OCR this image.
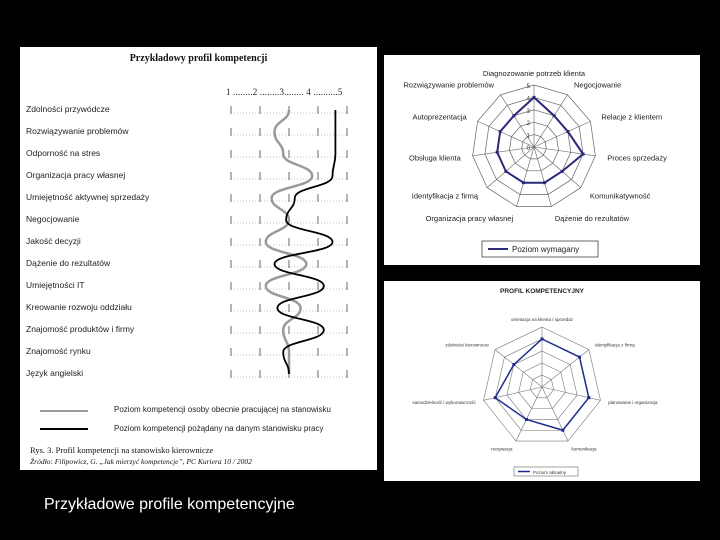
Przykładowy profil kompetencji
1 ........2 ........3........ 4 ..........5
Zdolności przywódcze
Rozwiązywanie problemów
Odporność na stres
Organizacja pracy własnej
Umiejętność aktywnej sprzedaży
Negocjowanie
Jakość decyzji
Dążenie do rezultatów
Umiejętności IT
Kreowanie rozwoju oddziału
Znajomość produktów i firmy
Znajomość rynku
Język angielski
Poziom kompetencji osoby obecnie pracującej na stanowisku
Poziom kompetencji pożądany na danym stanowisku pracy
Rys. 3. Profil kompetencji na stanowisko kierownicze
Źródło: Filipowicz, G. „Jak mierzyć kompetencje”, PC Kuriera 10 / 2002
0
1
2
3
4
5
Diagnozowanie potrzeb klienta
Negocjowanie
Relacje z klientem
Proces sprzedaży
Komunikatywność
Dążenie do rezultatów
Organizacja pracy własnej
Identyfikacja z firmą
Obsługa klienta
Autoprezentacja
Rozwiązywanie problemów
Poziom wymagany
PROFIL KOMPETENCYJNY
orientacja na klienta / sprzedaż
identyfikacja z firmą
planowanie i organizacja
komunikacja
motywacja
samodzielność i wykonawczość
zdolności kierownicze
Poziom aktualny
Przykładowe profile kompetencyjne
